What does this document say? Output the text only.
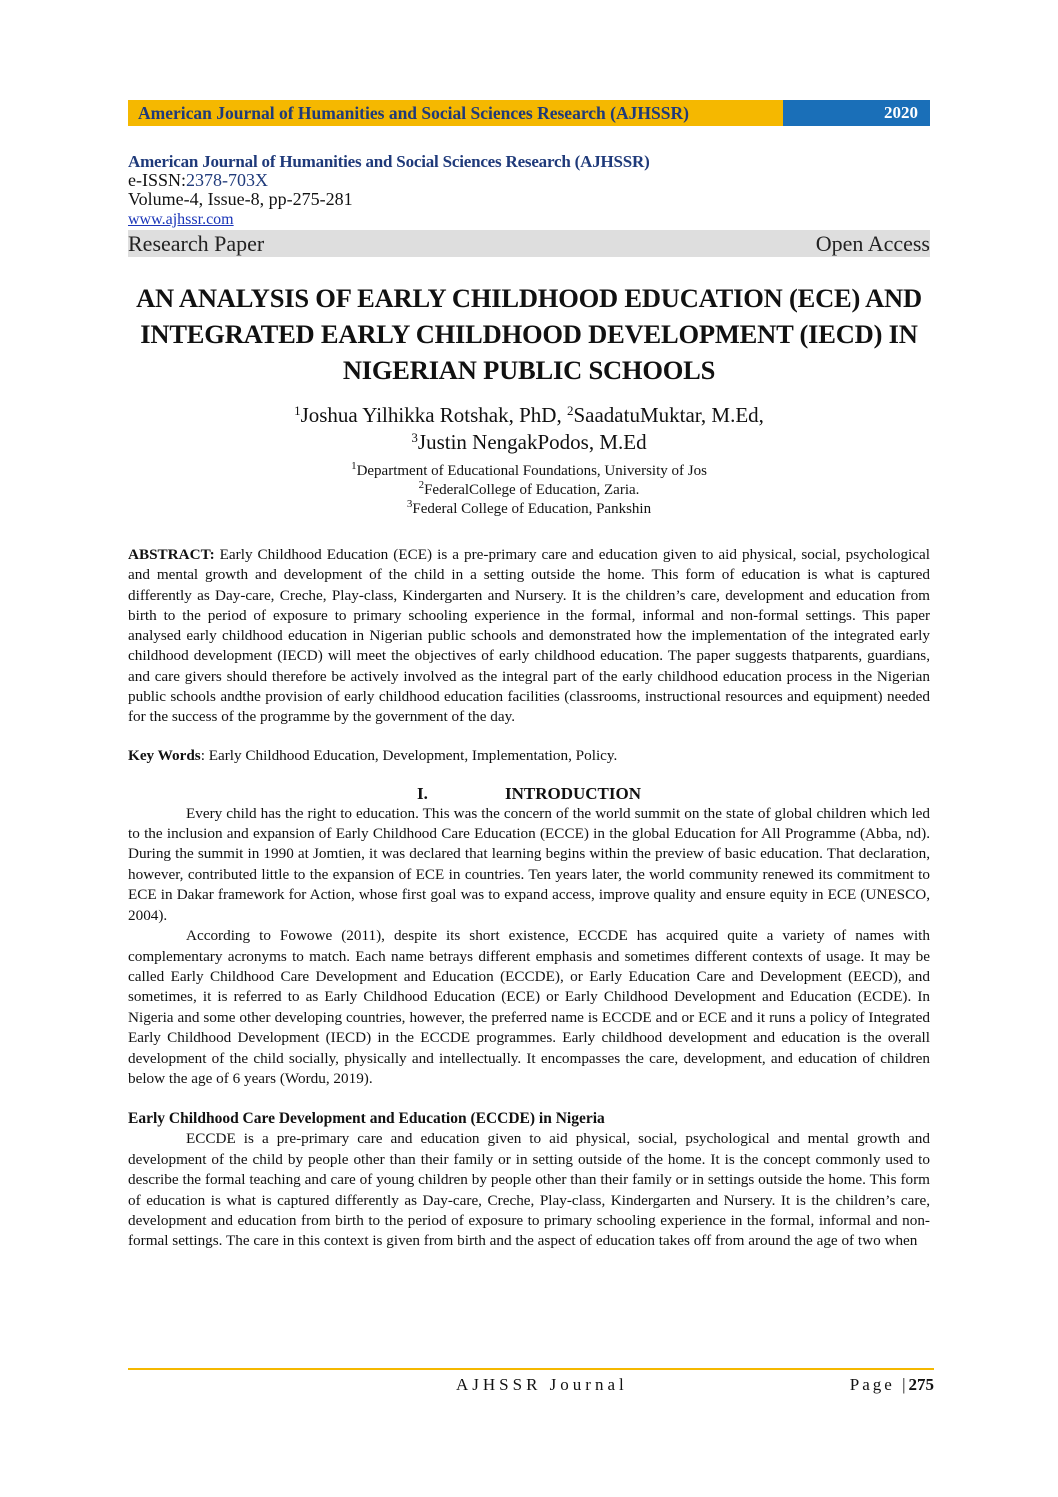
American Journal of Humanities and Social Sciences Research (AJHSSR)	2020
American Journal of Humanities and Social Sciences Research (AJHSSR)
e-ISSN:2378-703X
Volume-4, Issue-8, pp-275-281
www.ajhssr.com
Research Paper	Open Access
AN ANALYSIS OF EARLY CHILDHOOD EDUCATION (ECE) AND INTEGRATED EARLY CHILDHOOD DEVELOPMENT (IECD) IN NIGERIAN PUBLIC SCHOOLS
$^1$Joshua Yilhikka Rotshak, PhD, $^2$SaadatuMuktar, M.Ed,
$^3$Justin NengakPodos, M.Ed
$^1$Department of Educational Foundations, University of Jos
$^2$FederalCollege of Education, Zaria.
$^3$Federal College of Education, Pankshin
ABSTRACT: Early Childhood Education (ECE) is a pre-primary care and education given to aid physical, social, psychological and mental growth and development of the child in a setting outside the home. This form of education is what is captured differently as Day-care, Creche, Play-class, Kindergarten and Nursery. It is the children’s care, development and education from birth to the period of exposure to primary schooling experience in the formal, informal and non-formal settings. This paper analysed early childhood education in Nigerian public schools and demonstrated how the implementation of the integrated early childhood development (IECD) will meet the objectives of early childhood education. The paper suggests thatparents, guardians, and care givers should therefore be actively involved as the integral part of the early childhood education process in the Nigerian public schools andthe provision of early childhood education facilities (classrooms, instructional resources and equipment) needed for the success of the programme by the government of the day.
Key Words: Early Childhood Education, Development, Implementation, Policy.
I.	INTRODUCTION

Every child has the right to education. This was the concern of the world summit on the state of global children which led to the inclusion and expansion of Early Childhood Care Education (ECCE) in the global Education for All Programme (Abba, nd). During the summit in 1990 at Jomtien, it was declared that learning begins within the preview of basic education. That declaration, however, contributed little to the expansion of ECE in countries. Ten years later, the world community renewed its commitment to ECE in Dakar framework for Action, whose first goal was to expand access, improve quality and ensure equity in ECE (UNESCO, 2004).

According to Fowowe (2011), despite its short existence, ECCDE has acquired quite a variety of names with complementary acronyms to match. Each name betrays different emphasis and sometimes different contexts of usage. It may be called Early Childhood Care Development and Education (ECCDE), or Early Education Care and Development (EECD), and sometimes, it is referred to as Early Childhood Education (ECE) or Early Childhood Development and Education (ECDE). In Nigeria and some other developing countries, however, the preferred name is ECCDE and or ECE and it runs a policy of Integrated Early Childhood Development (IECD) in the ECCDE programmes. Early childhood development and education is the overall development of the child socially, physically and intellectually. It encompasses the care, development, and education of children below the age of 6 years (Wordu, 2019).

Early Childhood Care Development and Education (ECCDE) in Nigeria

ECCDE is a pre-primary care and education given to aid physical, social, psychological and mental growth and development of the child by people other than their family or in setting outside of the home. It is the concept commonly used to describe the formal teaching and care of young children by people other than their family or in settings outside the home. This form of education is what is captured differently as Day-care, Creche, Play-class, Kindergarten and Nursery. It is the children’s care, development and education from birth to the period of exposure to primary schooling experience in the formal, informal and non-formal settings. The care in this context is given from birth and the aspect of education takes off from around the age of two when

AJHSSR Journal	Page |275
